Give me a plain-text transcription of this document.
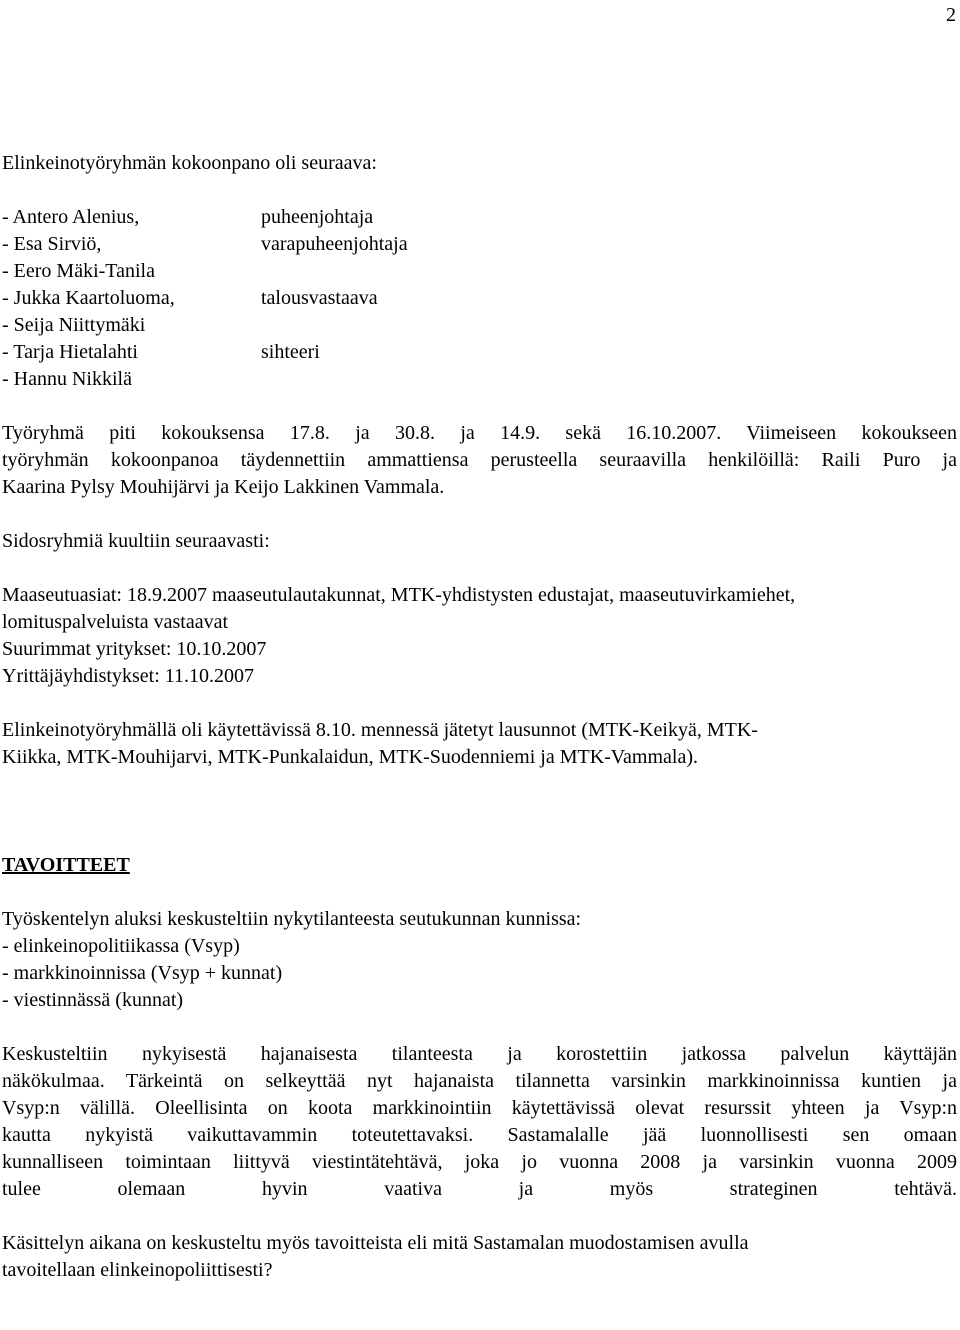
2

Elinkeinotyöryhmän kokoonpano oli seuraava:

- Antero Alenius,	puheenjohtaja
- Esa Sirviö,	varapuheenjohtaja
- Eero Mäki-Tanila
- Jukka Kaartoluoma,	talousvastaava
- Seija Niittymäki
- Tarja Hietalahti	sihteeri
- Hannu Nikkilä

Työryhmä piti kokouksensa 17.8. ja 30.8. ja 14.9. sekä 16.10.2007. Viimeiseen kokoukseen

työryhmän kokoonpanoa täydennettiin ammattiensa perusteella seuraavilla henkilöillä: Raili Puro ja

Kaarina Pylsy Mouhijärvi ja Keijo Lakkinen Vammala.

Sidosryhmiä kuultiin seuraavasti:

Maaseutuasiat: 18.9.2007 maaseutulautakunnat, MTK-yhdistysten edustajat, maaseutuvirkamiehet,

lomituspalveluista vastaavat

Suurimmat yritykset: 10.10.2007

Yrittäjäyhdistykset: 11.10.2007

Elinkeinotyöryhmällä oli käytettävissä 8.10. mennessä jätetyt lausunnot (MTK-Keikyä, MTK-

Kiikka, MTK-Mouhijarvi, MTK-Punkalaidun, MTK-Suodenniemi ja MTK-Vammala).

TAVOITTEET

Työskentelyn aluksi keskusteltiin nykytilanteesta seutukunnan kunnissa:

- elinkeinopolitiikassa (Vsyp)

- markkinoinnissa (Vsyp + kunnat)

- viestinnässä (kunnat)

Keskusteltiin nykyisestä hajanaisesta tilanteesta ja korostettiin jatkossa palvelun käyttäjän

näkökulmaa. Tärkeintä on selkeyttää nyt hajanaista tilannetta varsinkin markkinoinnissa kuntien ja

Vsyp:n välillä. Oleellisinta on koota markkinointiin käytettävissä olevat resurssit yhteen ja Vsyp:n

kautta nykyistä vaikuttavammin toteutettavaksi. Sastamalalle jää luonnollisesti sen omaan

kunnalliseen toimintaan liittyvä viestintätehtävä, joka jo vuonna 2008 ja varsinkin vuonna 2009

tulee olemaan hyvin vaativa ja myös strateginen tehtävä.

Käsittelyn aikana on keskusteltu myös tavoitteista eli mitä Sastamalan muodostamisen avulla

tavoitellaan elinkeinopoliittisesti?
